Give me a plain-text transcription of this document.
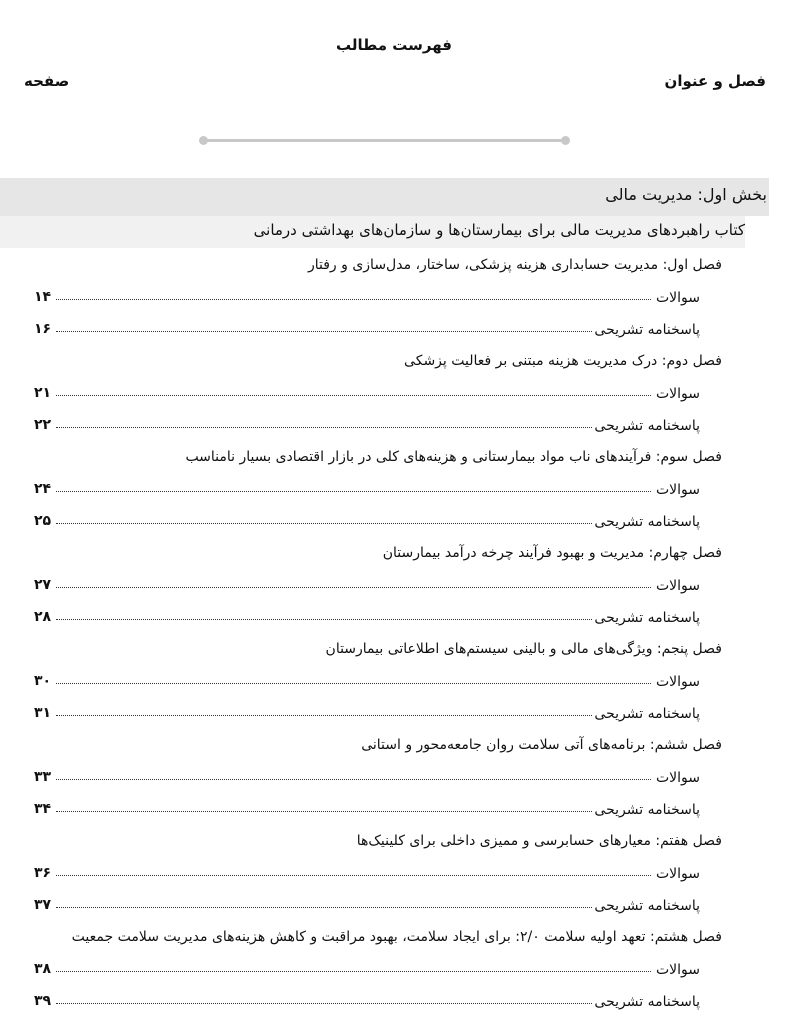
فهرست مطالب
فصل و عنوان
صفحه
بخش اول: مدیریت مالی
کتاب راهبردهای مدیریت مالی برای بیمارستان‌ها و سازمان‌های بهداشتی درمانی
فصل اول: مدیریت حسابداری هزینه پزشکی، ساختار، مدل‌سازی و رفتار
سوالات
۱۴
پاسخنامه تشریحی
۱۶
فصل دوم: درک مدیریت هزینه مبتنی بر فعالیت پزشکی
سوالات
۲۱
پاسخنامه تشریحی
۲۲
فصل سوم: فرآیندهای ناب مواد بیمارستانی و هزینه‌های کلی در بازار اقتصادی بسیار نامناسب
سوالات
۲۴
پاسخنامه تشریحی
۲۵
فصل چهارم: مدیریت و بهبود فرآیند چرخه درآمد بیمارستان
سوالات
۲۷
پاسخنامه تشریحی
۲۸
فصل پنجم: ویژگی‌های مالی و بالینی سیستم‌های اطلاعاتی بیمارستان
سوالات
۳۰
پاسخنامه تشریحی
۳۱
فصل ششم: برنامه‌های آتی سلامت روان جامعه‌محور و استانی
سوالات
۳۳
پاسخنامه تشریحی
۳۴
فصل هفتم: معیارهای حسابرسی و ممیزی داخلی برای کلینیک‌ها
سوالات
۳۶
پاسخنامه تشریحی
۳۷
فصل هشتم: تعهد اولیه سلامت ۲/۰: برای ایجاد سلامت، بهبود مراقبت و کاهش هزینه‌های مدیریت سلامت جمعیت
سوالات
۳۸
پاسخنامه تشریحی
۳۹
